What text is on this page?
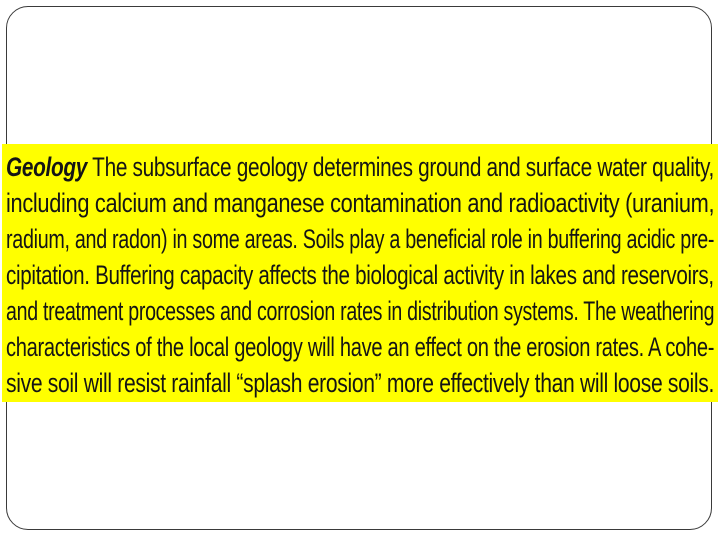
Geology The subsurface geology determines ground and surface water quality,
including calcium and manganese contamination and radioactivity (uranium,
radium, and radon) in some areas. Soils play a beneficial role in buffering acidic pre-
cipitation. Buffering capacity affects the biological activity in lakes and reservoirs,
and treatment processes and corrosion rates in distribution systems. The weathering
characteristics of the local geology will have an effect on the erosion rates. A cohe-
sive soil will resist rainfall “splash erosion” more effectively than will loose soils.
